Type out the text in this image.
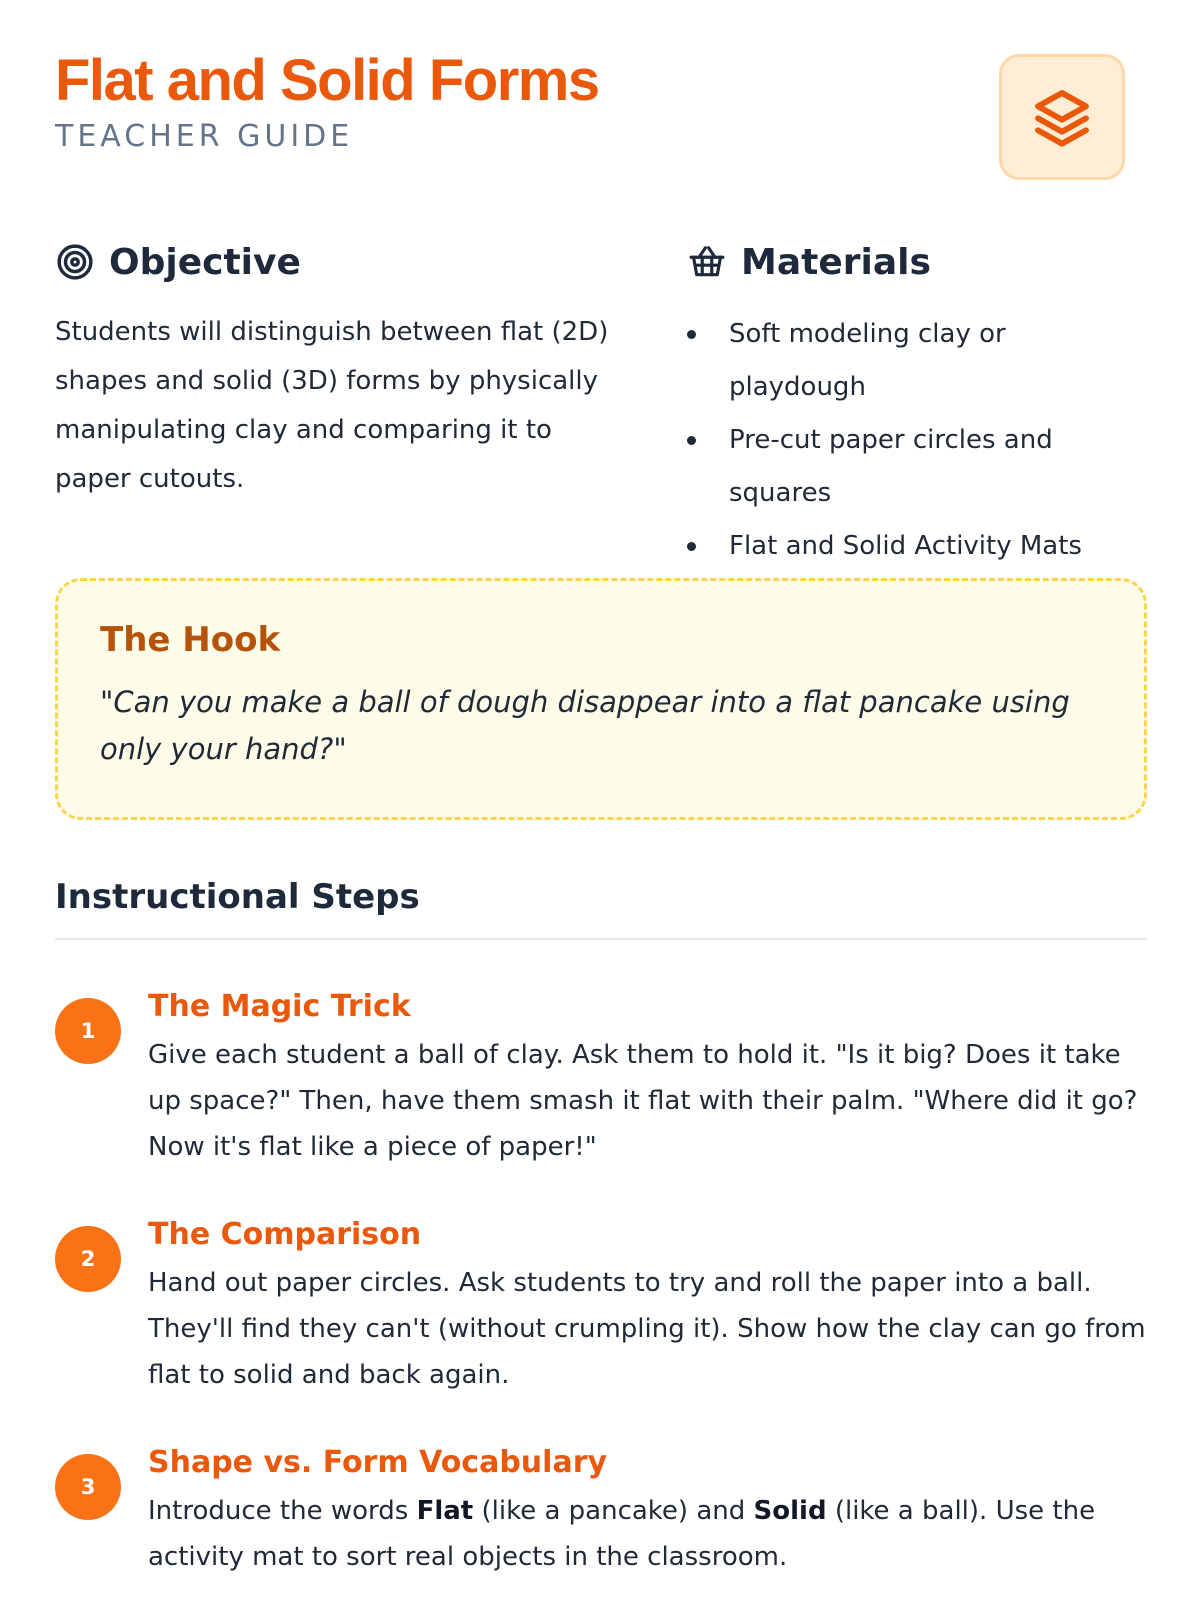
Flat and Solid Forms
TEACHER GUIDE
Objective

Students will distinguish between flat (2D) shapes and solid (3D) forms by physically manipulating clay and comparing it to paper cutouts.

Materials
Soft modeling clay or playdough
Pre-cut paper circles and squares
Flat and Solid Activity Mats
The Hook

"Can you make a ball of dough disappear into a flat pancake using only your hand?"

Instructional Steps
1
The Magic Trick

Give each student a ball of clay. Ask them to hold it. "Is it big? Does it take up space?" Then, have them smash it flat with their palm. "Where did it go? Now it's flat like a piece of paper!"

2
The Comparison

Hand out paper circles. Ask students to try and roll the paper into a ball. They'll find they can't (without crumpling it). Show how the clay can go from flat to solid and back again.

3
Shape vs. Form Vocabulary

Introduce the words Flat (like a pancake) and Solid (like a ball). Use the activity mat to sort real objects in the classroom.
